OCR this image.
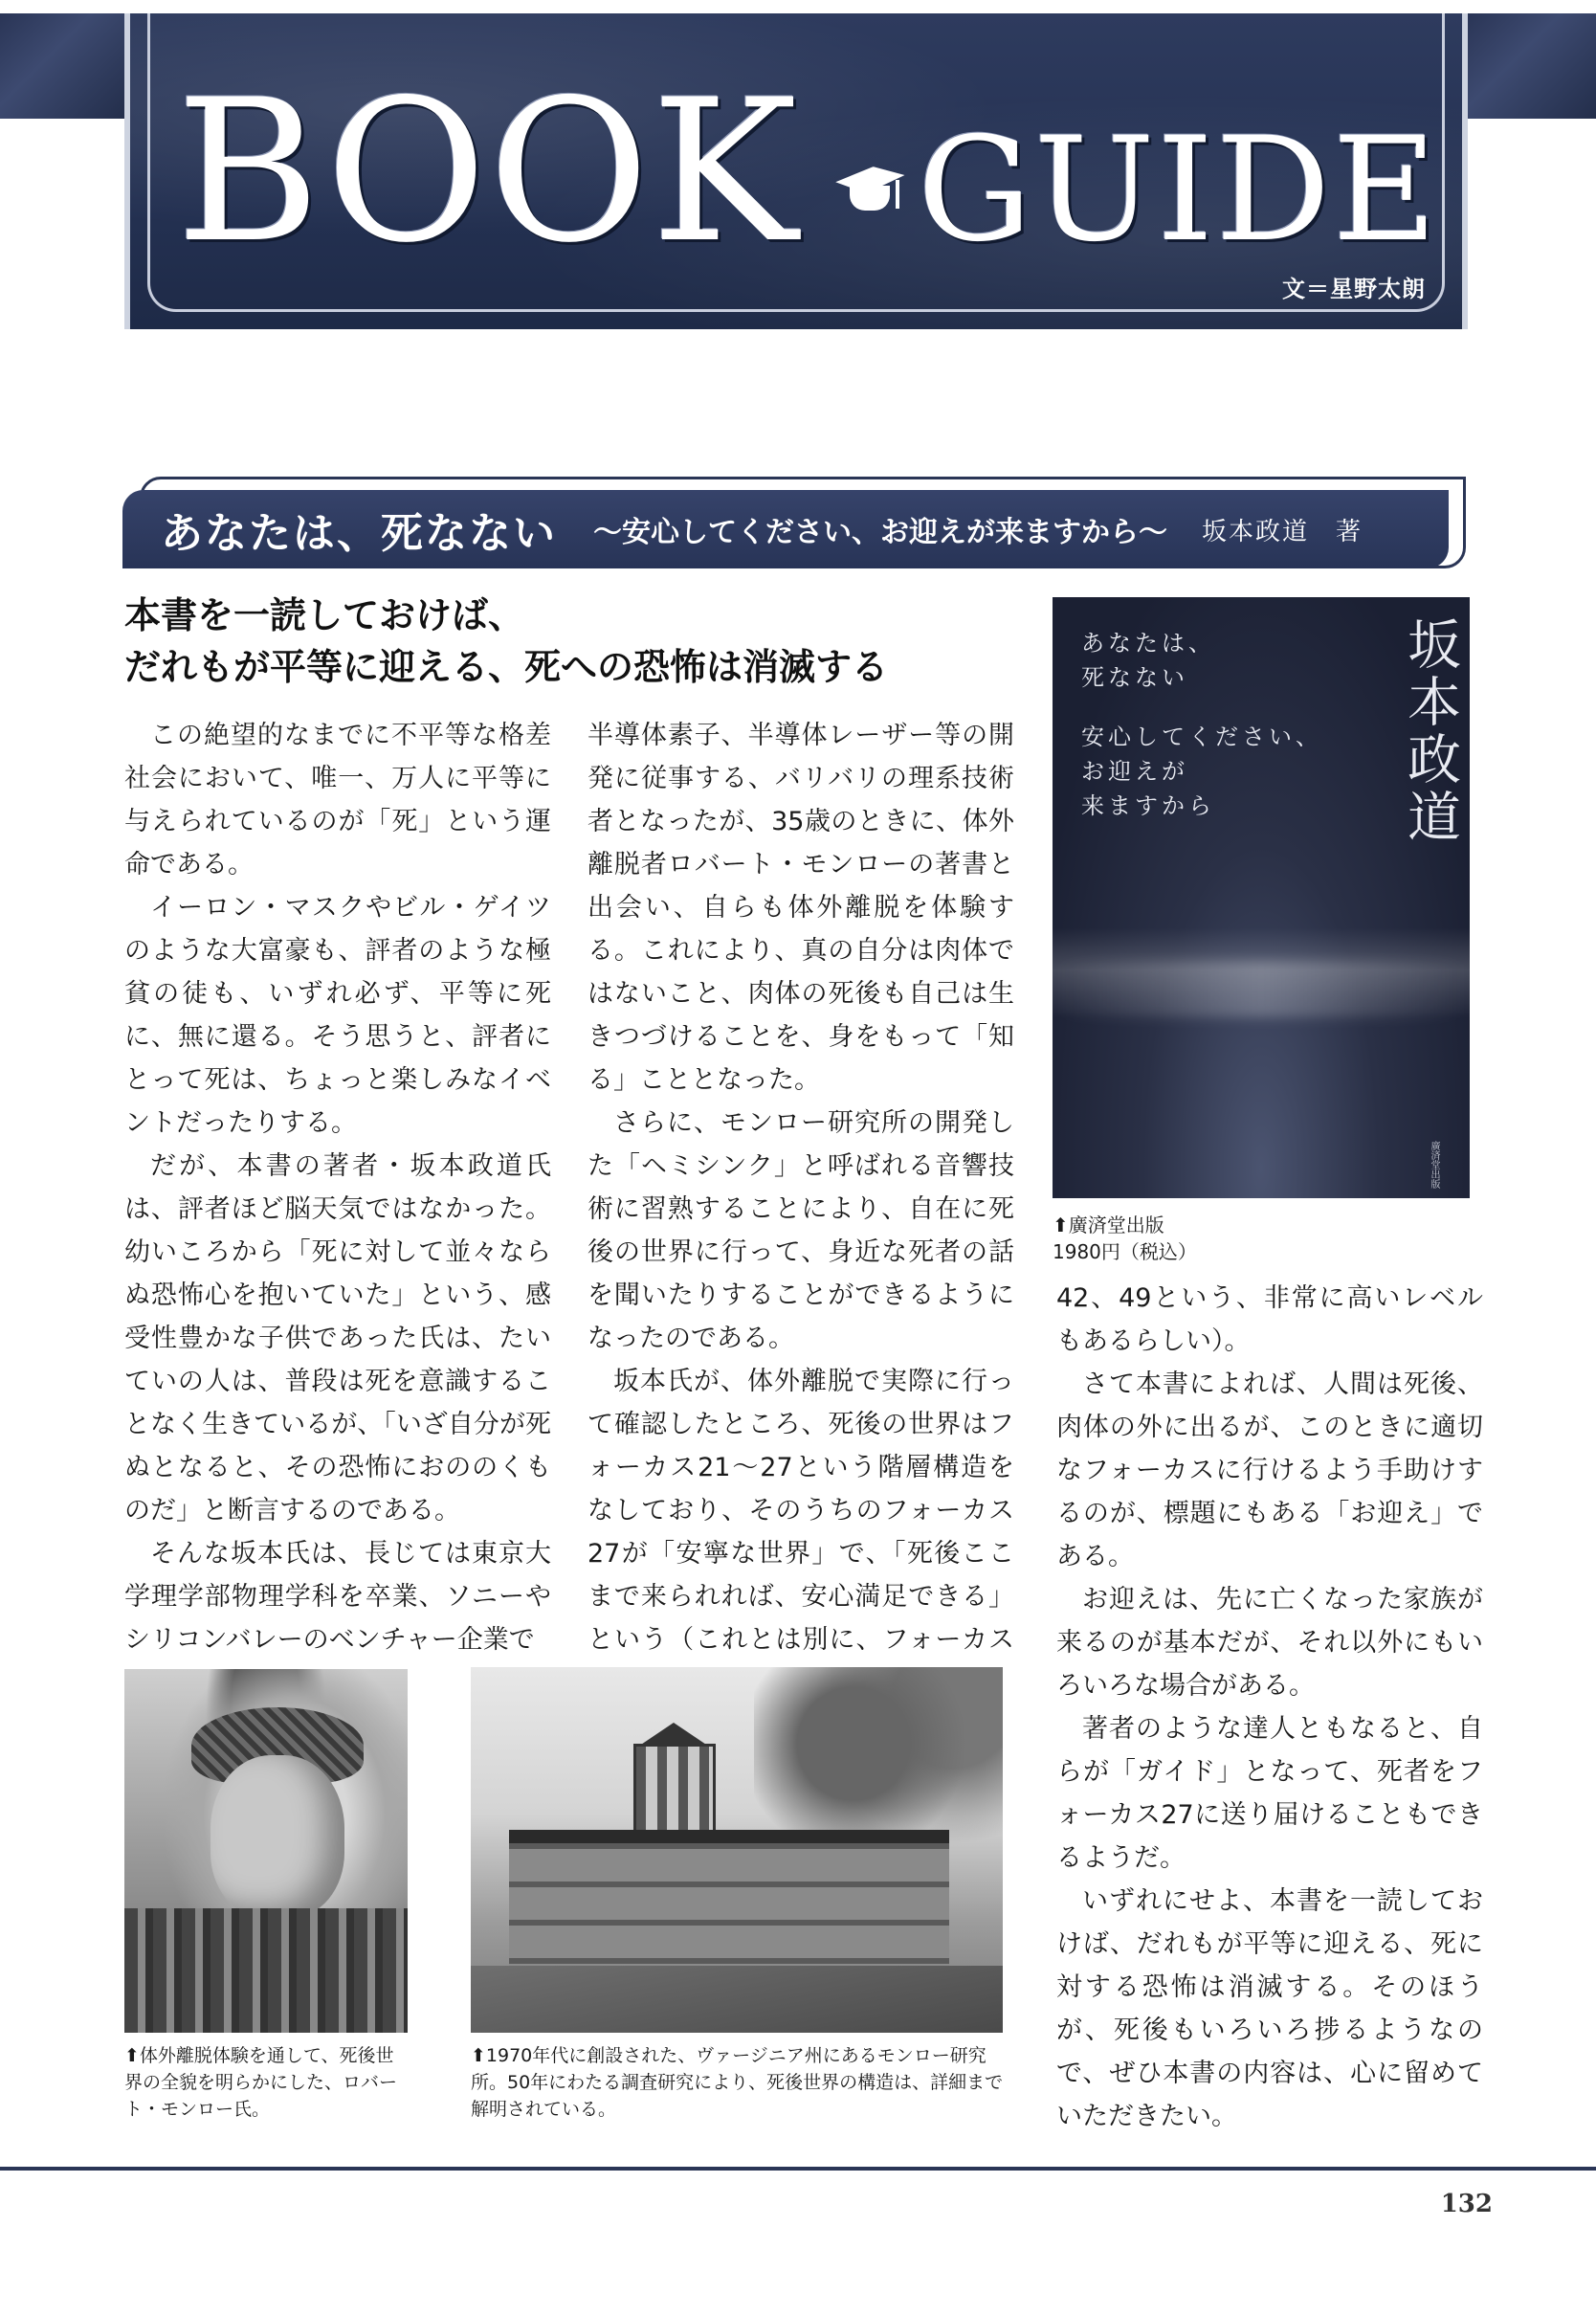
BOOK GUIDE
文＝星野太朗
あなたは、死なない ～安心してください、お迎えが来ますから～ 坂本政道　著
本書を一読しておけば、
だれもが平等に迎える、死への恐怖は消滅する

この絶望的なまでに不平等な格差社会において、唯一、万人に平等に与えられているのが「死」という運命である。

イーロン・マスクやビル・ゲイツのような大富豪も、評者のような極貧の徒も、いずれ必ず、平等に死に、無に還る。そう思うと、評者にとって死は、ちょっと楽しみなイベントだったりする。

だが、本書の著者・坂本政道氏は、評者ほど脳天気ではなかった。幼いころから「死に対して並々ならぬ恐怖心を抱いていた」という、感受性豊かな子供であった氏は、たいていの人は、普段は死を意識することなく生きているが、「いざ自分が死ぬとなると、その恐怖におののくものだ」と断言するのである。

そんな坂本氏は、長じては東京大学理学部物理学科を卒業、ソニーやシリコンバレーのベンチャー企業で

半導体素子、半導体レーザー等の開発に従事する、バリバリの理系技術者となったが、35歳のときに、体外離脱者ロバート・モンローの著書と出会い、自らも体外離脱を体験する。これにより、真の自分は肉体ではないこと、肉体の死後も自己は生きつづけることを、身をもって「知る」こととなった。

さらに、モンロー研究所の開発した「ヘミシンク」と呼ばれる音響技術に習熟することにより、自在に死後の世界に行って、身近な死者の話を聞いたりすることができるようになったのである。

坂本氏が、体外離脱で実際に行って確認したところ、死後の世界はフォーカス21～27という階層構造をなしており、そのうちのフォーカス27が「安寧な世界」で、「死後ここまで来られれば、安心満足できる」という（これとは別に、フォーカス

あなたは、
死なない
安心してください、
お迎えが
来ますから	坂本政道
廣済堂出版
⬆廣済堂出版
1980円（税込）

42、49という、非常に高いレベルもあるらしい）。

さて本書によれば、人間は死後、肉体の外に出るが、このときに適切なフォーカスに行けるよう手助けするのが、標題にもある「お迎え」である。

お迎えは、先に亡くなった家族が来るのが基本だが、それ以外にもいろいろな場合がある。

著者のような達人ともなると、自らが「ガイド」となって、死者をフォーカス27に送り届けることもできるようだ。

いずれにせよ、本書を一読しておけば、だれもが平等に迎える、死に対する恐怖は消滅する。そのほうが、死後もいろいろ捗るようなので、ぜひ本書の内容は、心に留めていただきたい。

⬆体外離脱体験を通して、死後世界の全貌を明らかにした、ロバート・モンロー氏。
⬆1970年代に創設された、ヴァージニア州にあるモンロー研究所。50年にわたる調査研究により、死後世界の構造は、詳細まで解明されている。
132
